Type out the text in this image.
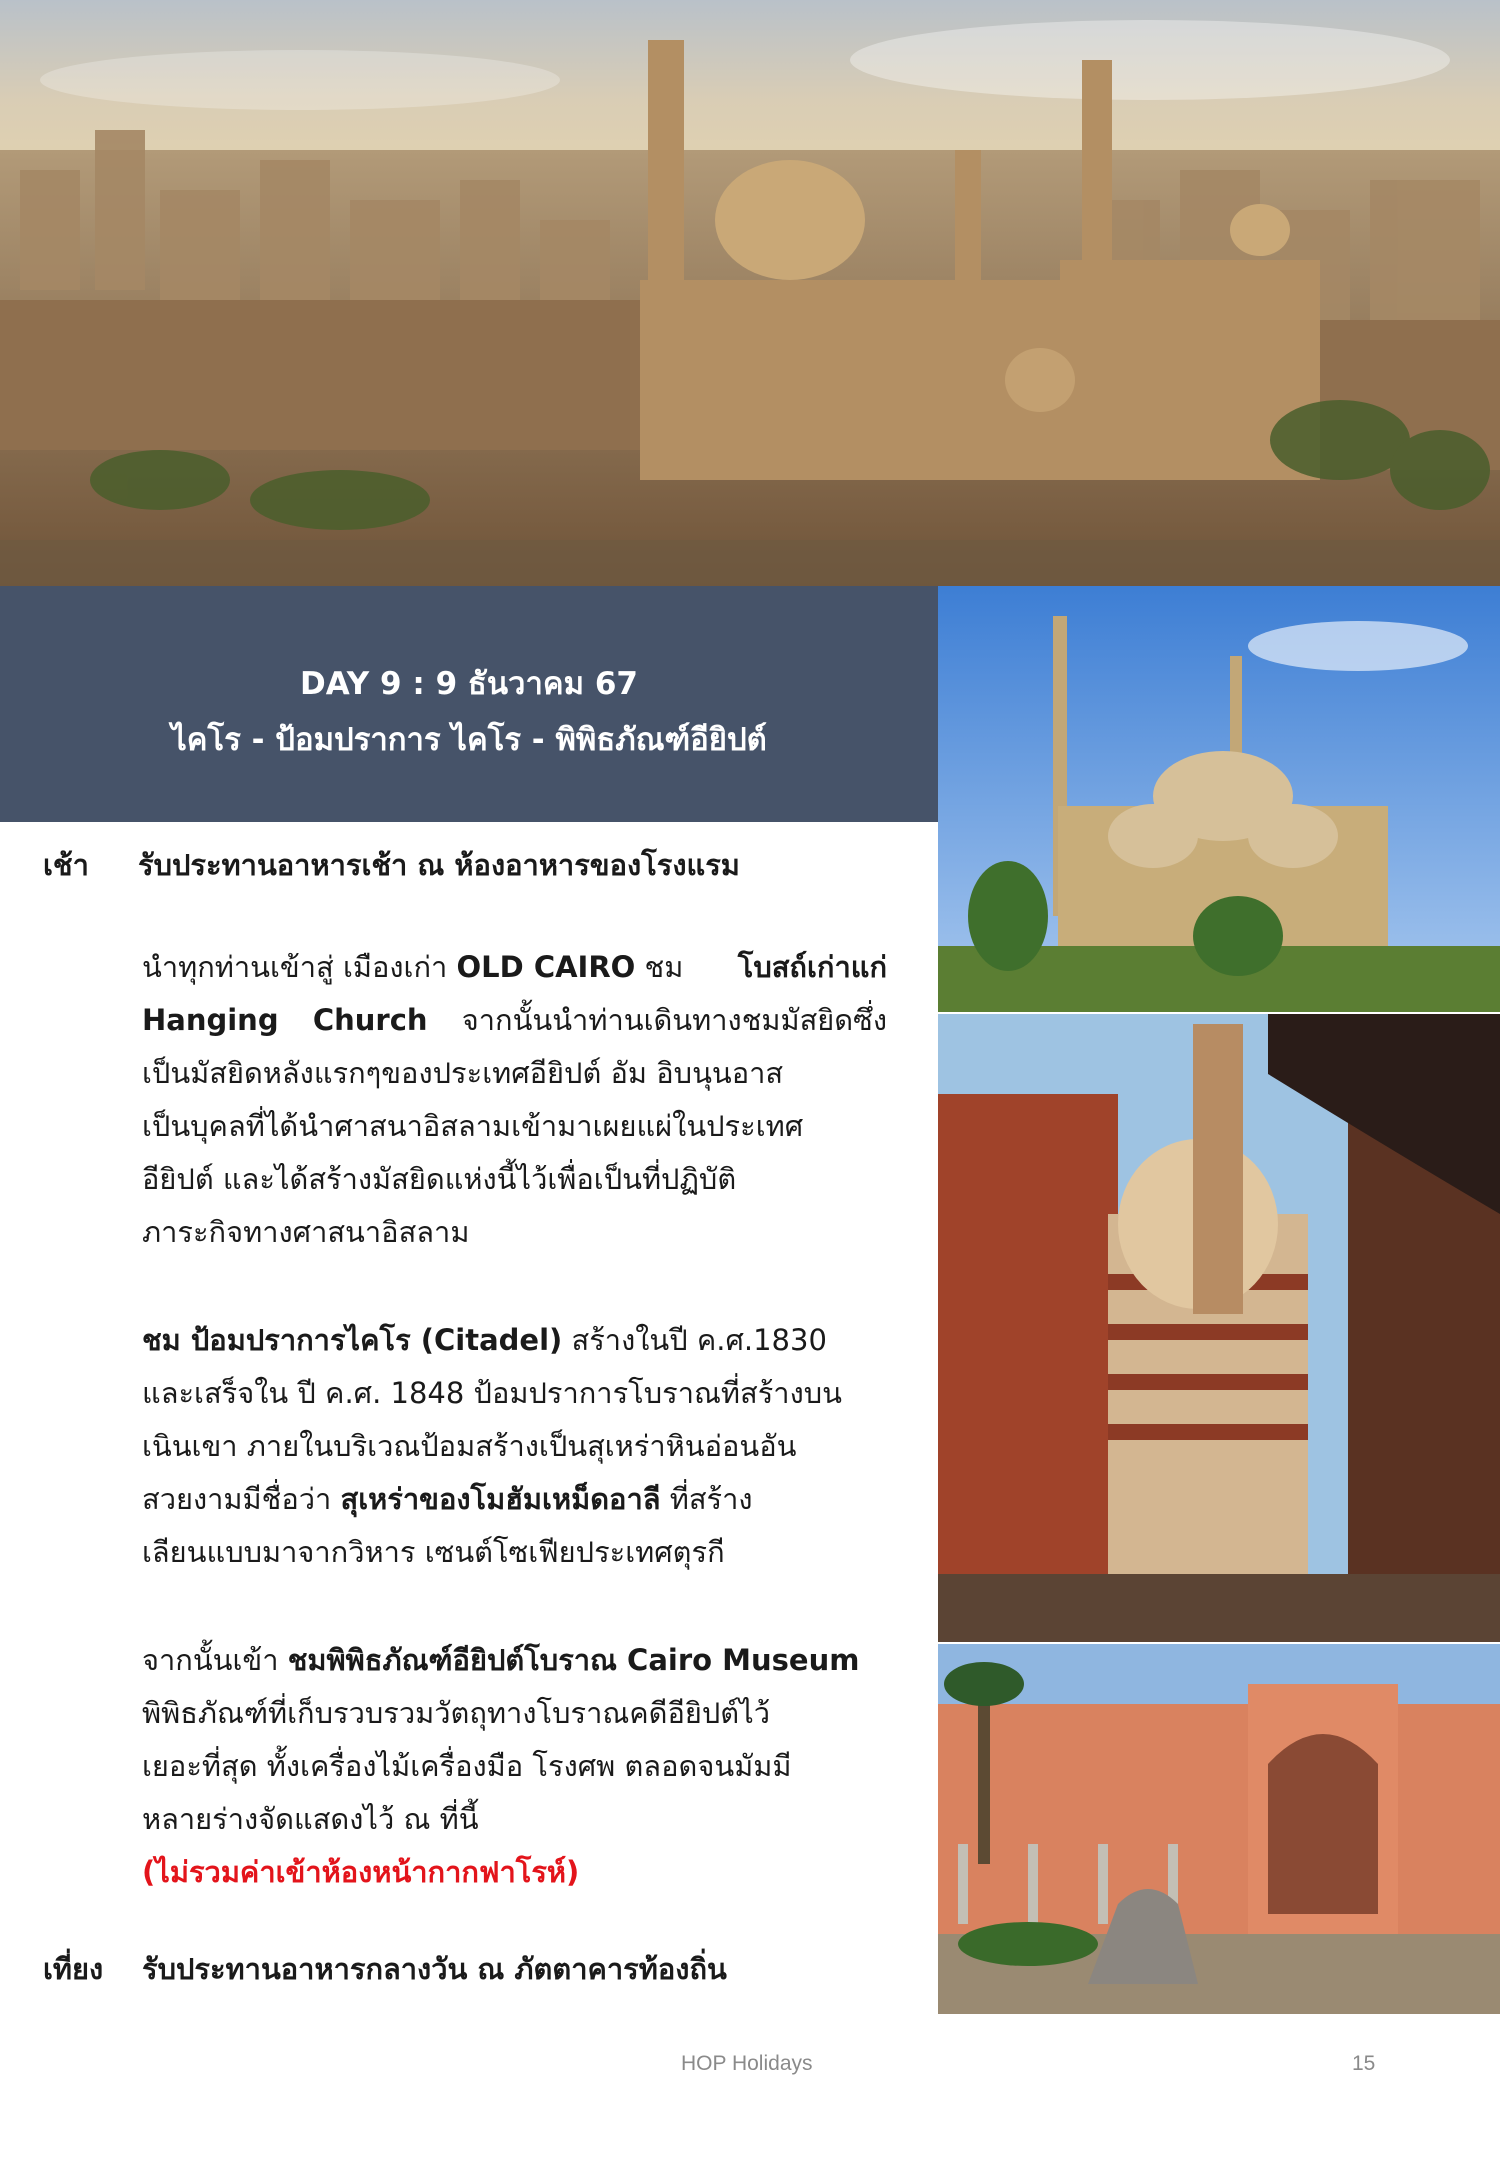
DAY 9 : 9 ธันวาคม 67
ไคโร - ป้อมปราการ ไคโร - พิพิธภัณฑ์อียิปต์
เช้า รับประทานอาหารเช้า ณ ห้องอาหารของโรงแรม
นำทุกท่านเข้าสู่ เมืองเก่า OLD CAIRO ชม โบสถ์เก่าแก่
Hanging Church จากนั้นนำท่านเดินทางชมมัสยิดซึ่ง
เป็นมัสยิดหลังแรกๆของประเทศอียิปต์ อัม อิบนุนอาส
เป็นบุคลที่ได้นำศาสนาอิสลามเข้ามาเผยแผ่ในประเทศ
อียิปต์ และได้สร้างมัสยิดแห่งนี้ไว้เพื่อเป็นที่ปฏิบัติ
ภาระกิจทางศาสนาอิสลาม
ชม ป้อมปราการไคโร (Citadel) สร้างในปี ค.ศ.1830
และเสร็จใน ปี ค.ศ. 1848 ป้อมปราการโบราณที่สร้างบน
เนินเขา ภายในบริเวณป้อมสร้างเป็นสุเหร่าหินอ่อนอัน
สวยงามมีชื่อว่า สุเหร่าของโมฮัมเหม็ดอาลี ที่สร้าง
เลียนแบบมาจากวิหาร เซนต์โซเฟียประเทศตุรกี
จากนั้นเข้า ชมพิพิธภัณฑ์อียิปต์โบราณ Cairo Museum
พิพิธภัณฑ์ที่เก็บรวบรวมวัตถุทางโบราณคดีอียิปต์ไว้
เยอะที่สุด ทั้งเครื่องไม้เครื่องมือ โรงศพ ตลอดจนมัมมี
หลายร่างจัดแสดงไว้ ณ ที่นี้
(ไม่รวมค่าเข้าห้องหน้ากากฟาโรห์)
เที่ยง รับประทานอาหารกลางวัน ณ ภัตตาคารท้องถิ่น
HOP Holidays	15
